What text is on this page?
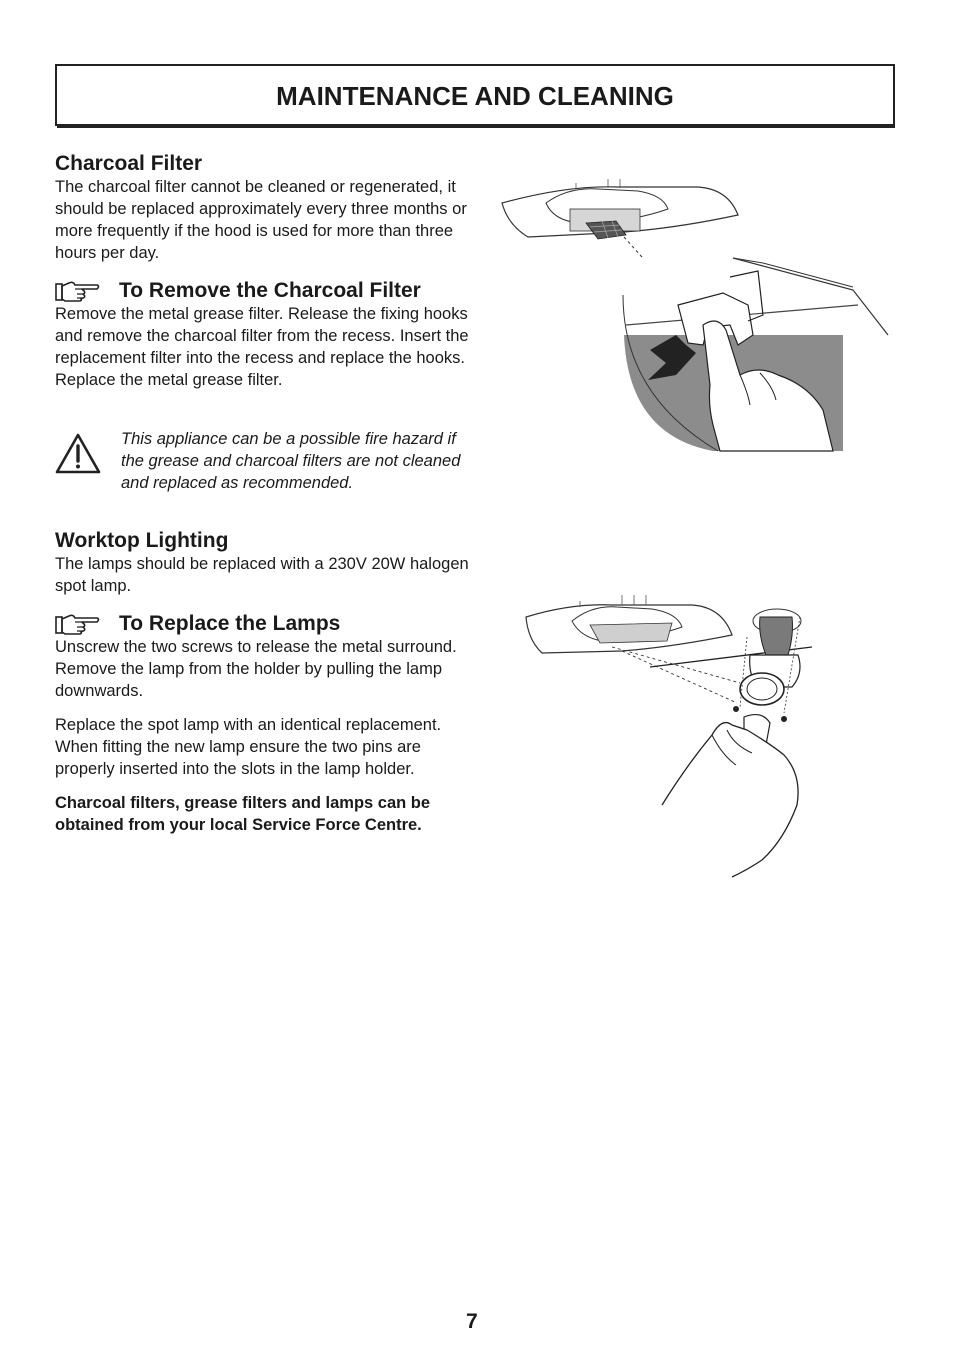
MAINTENANCE AND CLEANING
Charcoal Filter

The charcoal filter cannot be cleaned or regenerated, it should be replaced approximately every three months or more frequently if the hood is used for more than three hours per day.

To Remove the Charcoal Filter

Remove the metal grease filter. Release the fixing hooks and remove the charcoal filter from the recess. Insert the replacement filter into the recess and replace the hooks. Replace the metal grease filter.

This appliance can be a possible fire hazard if the grease and charcoal filters are not cleaned and replaced as recommended.
Worktop Lighting

The lamps should be replaced with a 230V 20W halogen spot lamp.

To Replace the Lamps

Unscrew the two screws to release the metal surround. Remove the lamp from the holder by pulling the lamp downwards.

Replace the spot lamp with an identical replacement. When fitting the new lamp ensure the two pins are properly inserted into the slots in the lamp holder.

Charcoal filters, grease filters and lamps can be obtained from your local Service Force Centre.

7
